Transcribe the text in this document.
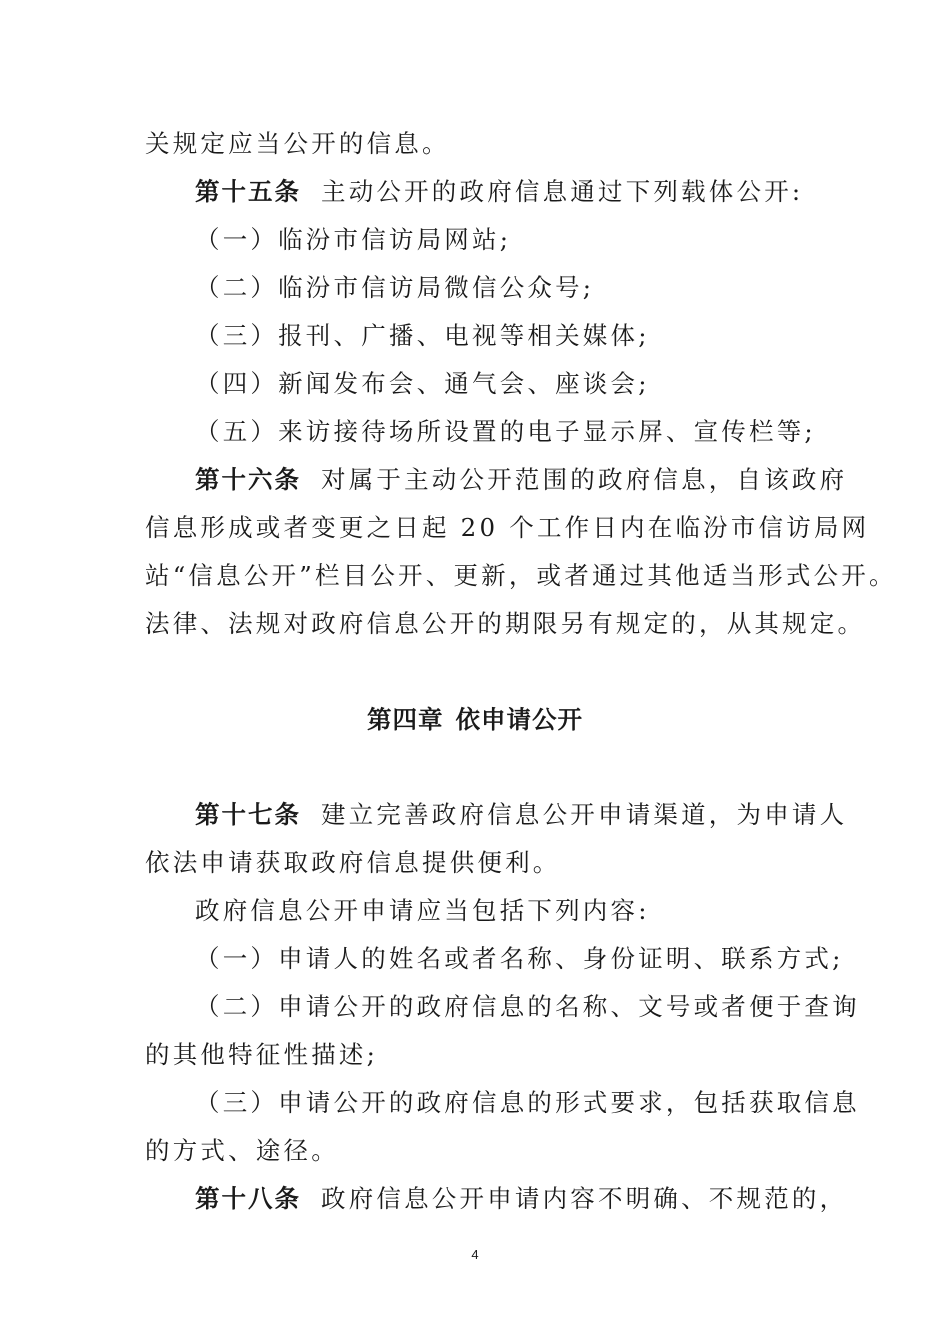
关规定应当公开的信息。
第十五条 主动公开的政府信息通过下列载体公开:
（一）临汾市信访局网站;
（二）临汾市信访局微信公众号;
（三）报刊、广播、电视等相关媒体;
（四）新闻发布会、通气会、座谈会;
（五）来访接待场所设置的电子显示屏、宣传栏等;
第十六条 对属于主动公开范围的政府信息，自该政府
信息形成或者变更之日起 20 个工作日内在临汾市信访局网
站“信息公开”栏目公开、更新，或者通过其他适当形式公开。
法律、法规对政府信息公开的期限另有规定的，从其规定。
第四章 依申请公开
第十七条 建立完善政府信息公开申请渠道，为申请人
依法申请获取政府信息提供便利。
政府信息公开申请应当包括下列内容:
（一）申请人的姓名或者名称、身份证明、联系方式;
（二）申请公开的政府信息的名称、文号或者便于查询
的其他特征性描述;
（三）申请公开的政府信息的形式要求，包括获取信息
的方式、途径。
第十八条 政府信息公开申请内容不明确、不规范的，
4
